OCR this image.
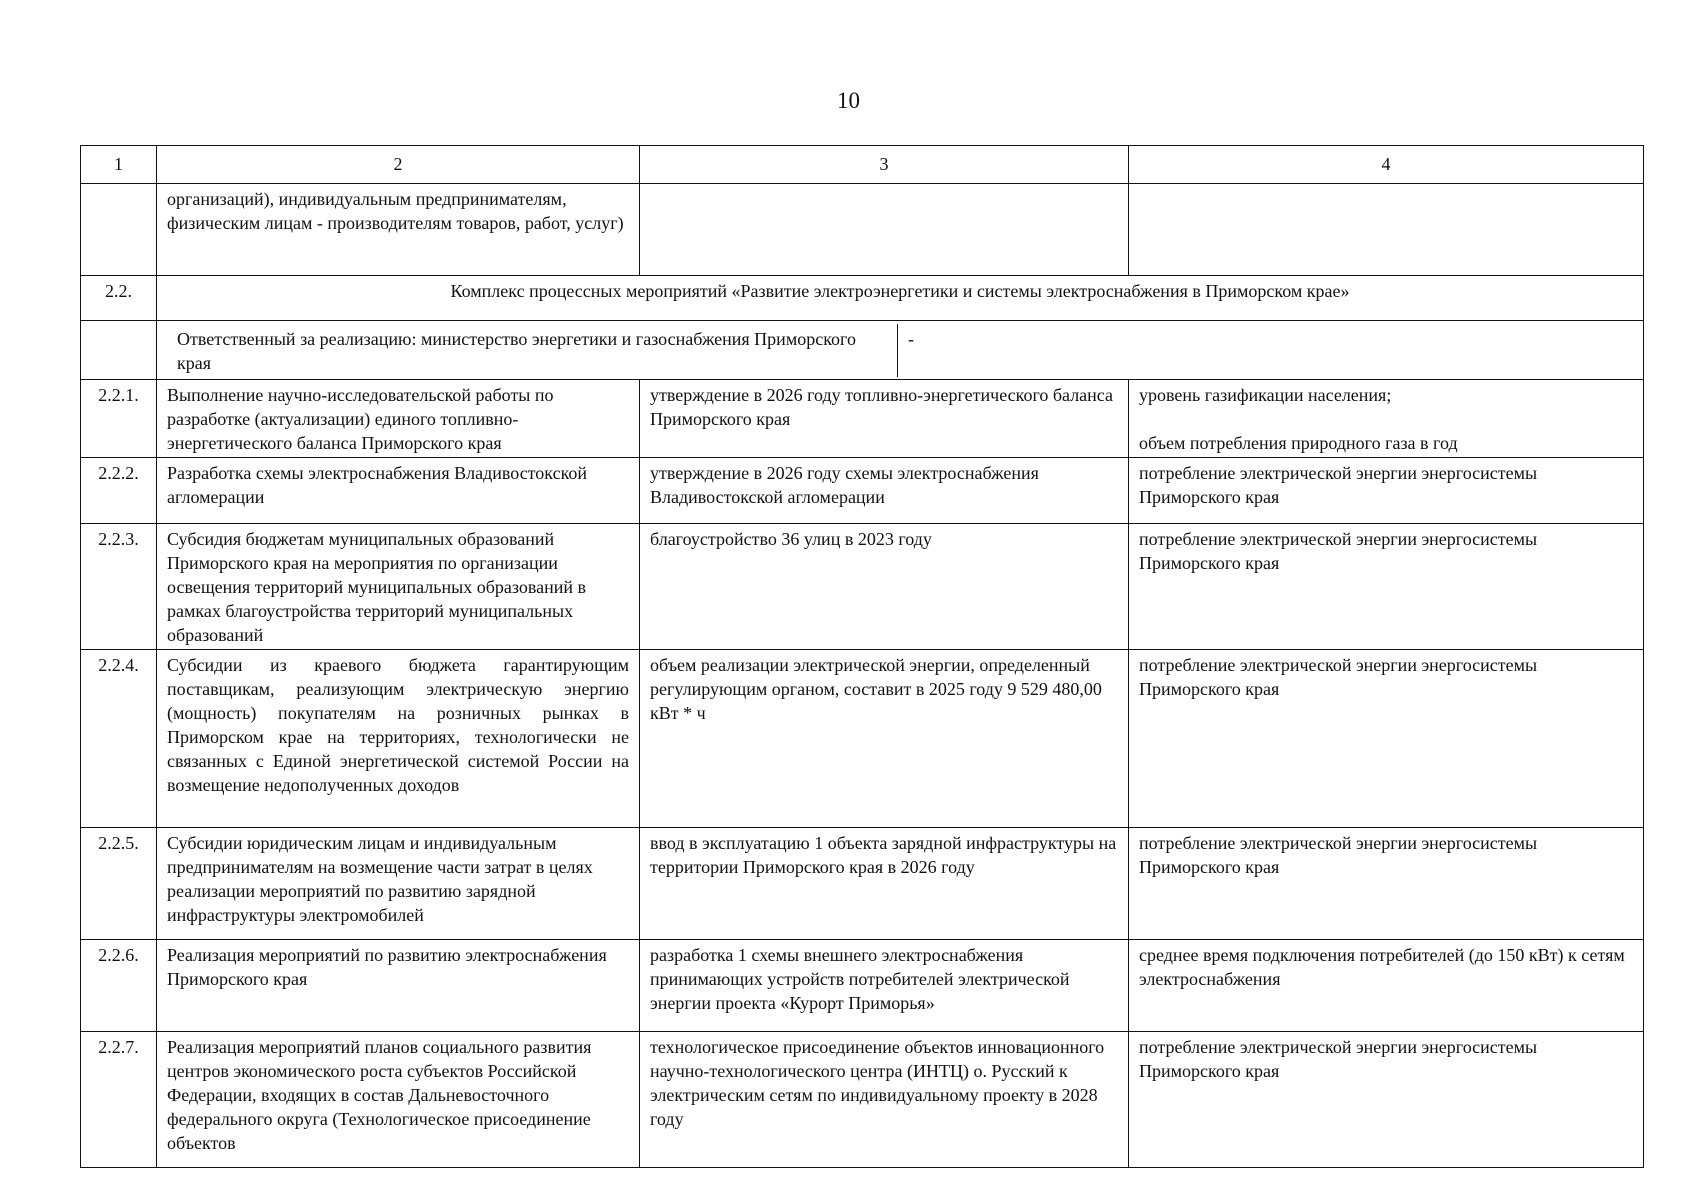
10
1	2	3	4
	организаций), индивидуальным предпринимателям, физическим лицам - производителям товаров, работ, услуг)		
2.2.	Комплекс процессных мероприятий «Развитие электроэнергетики и системы электроснабжения в Приморском крае»		

	Ответственный за реализацию: министерство энергетики и газоснабжения Приморского края
-		

2.2.1.	Выполнение научно-исследовательской работы по разработке (актуализации) единого топливно-энергетического баланса Приморского края	утверждение в 2026 году топливно-энергетического баланса Приморского края	уровень газификации населения;
объем потребления природного газа в год

2.2.2.	Разработка схемы электроснабжения Владивостокской агломерации	утверждение в 2026 году схемы электроснабжения Владивостокской агломерации	потребление электрической энергии энергосистемы Приморского края
2.2.3.	Субсидия бюджетам муниципальных образований Приморского края на мероприятия по организации освещения территорий муниципальных образований в рамках благоустройства территорий муниципальных образований	благоустройство 36 улиц в 2023 году	потребление электрической энергии энергосистемы Приморского края
2.2.4.	Субсидии из краевого бюджета гарантирующим поставщикам, реализующим электрическую энергию (мощность) покупателям на розничных рынках в Приморском крае на территориях, технологически не связанных с Единой энергетической системой России на возмещение недополученных доходов	объем реализации электрической энергии, определенный регулирующим органом, составит в 2025 году 9 529 480,00 кВт * ч	потребление электрической энергии энергосистемы Приморского края
2.2.5.	Субсидии юридическим лицам и индивидуальным предпринимателям на возмещение части затрат в целях реализации мероприятий по развитию зарядной инфраструктуры электромобилей	ввод в эксплуатацию 1 объекта зарядной инфраструктуры на территории Приморского края в 2026 году	потребление электрической энергии энергосистемы Приморского края
2.2.6.	Реализация мероприятий по развитию электроснабжения Приморского края	разработка 1 схемы внешнего электроснабжения принимающих устройств потребителей электрической энергии проекта «Курорт Приморья»	среднее время подключения потребителей (до 150 кВт) к сетям электроснабжения
2.2.7.	Реализация мероприятий планов социального развития центров экономического роста субъектов Российской Федерации, входящих в состав Дальневосточного федерального округа (Технологическое присоединение объектов	технологическое присоединение объектов инновационного научно-технологического центра (ИНТЦ) о. Русский к электрическим сетям по индивидуальному проекту в 2028 году	потребление электрической энергии энергосистемы Приморского края
